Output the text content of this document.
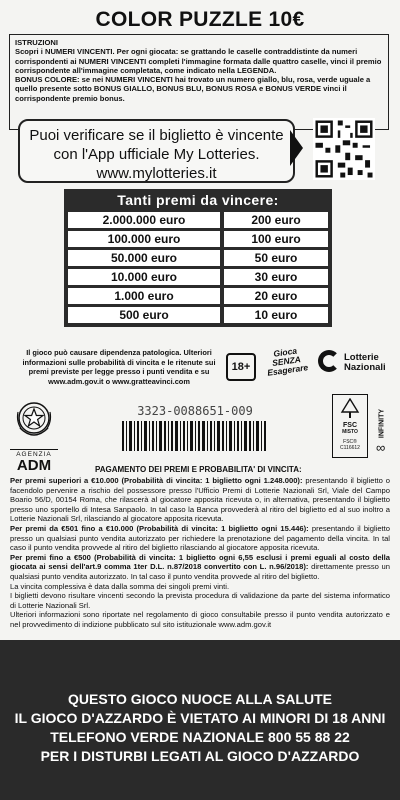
COLOR PUZZLE 10€

ISTRUZIONI

Scopri i NUMERI VINCENTI. Per ogni giocata: se grattando le caselle contraddistinte da numeri corrispondenti ai NUMERI VINCENTI completi l'immagine formata dalle quattro caselle, vinci il premio corrispondente all'immagine completata, come indicato nella LEGENDA.

BONUS COLORE: se nei NUMERI VINCENTI hai trovato un numero giallo, blu, rosa, verde uguale a quello presente sotto BONUS GIALLO, BONUS BLU, BONUS ROSA e BONUS VERDE vinci il corrispondente premio bonus.

Puoi verificare se il biglietto è vincente
con l'App ufficiale My Lotteries.
www.mylotteries.it
Tanti premi da vincere:
2.000.000 euro	200 euro
100.000 euro	100 euro
50.000 euro	50 euro
10.000 euro	30 euro
1.000 euro	20 euro
500 euro	10 euro
Il gioco può causare dipendenza patologica. Ulteriori informazioni sulle probabilità di vincita e le ritenute sui premi previste per legge presso i punti vendita e su www.adm.gov.it o www.gratteavinci.com
18+
Gioca SENZA Esagerare
Lotterie Nazionali
AGENZIA
ADM
3323-0088651-009
FSC
MISTO
FSC® C116612
INFINITY
∞
PAGAMENTO DEI PREMI E PROBABILITA' DI VINCITA:

Per premi superiori a €10.000 (Probabilità di vincita: 1 biglietto ogni 1.248.000): presentando il biglietto o facendolo pervenire a rischio del possessore presso l'Ufficio Premi di Lotterie Nazionali Srl, Viale del Campo Boario 56/D, 00154 Roma, che rilascerà al giocatore apposita ricevuta o, in alternativa, presentando il biglietto presso uno sportello di Intesa Sanpaolo. In tal caso la Banca provvederà al ritiro del biglietto ed al suo inoltro a Lotterie Nazionali Srl, rilasciando al giocatore apposita ricevuta.

Per premi da €501 fino a €10.000 (Probabilità di vincita: 1 biglietto ogni 15.446): presentando il biglietto presso un qualsiasi punto vendita autorizzato per richiedere la prenotazione del pagamento della vincita. In tal caso il punto vendita provvede al ritiro del biglietto rilasciando al giocatore apposita ricevuta.

Per premi fino a €500 (Probabilità di vincita: 1 biglietto ogni 6,55 esclusi i premi eguali al costo della giocata ai sensi dell'art.9 comma 1ter D.L. n.87/2018 convertito con L. n.96/2018): direttamente presso un qualsiasi punto vendita autorizzato. In tal caso il punto vendita provvede al ritiro del biglietto.

La vincita complessiva è data dalla somma dei singoli premi vinti.

I biglietti devono risultare vincenti secondo la prevista procedura di validazione da parte del sistema informatico di Lotterie Nazionali Srl.

Ulteriori informazioni sono riportate nel regolamento di gioco consultabile presso il punto vendita autorizzato e nel provvedimento di indizione pubblicato sul sito istituzionale www.adm.gov.it

QUESTO GIOCO NUOCE ALLA SALUTE
IL GIOCO D'AZZARDO È VIETATO AI MINORI DI 18 ANNI
TELEFONO VERDE NAZIONALE 800 55 88 22
PER I DISTURBI LEGATI AL GIOCO D'AZZARDO
